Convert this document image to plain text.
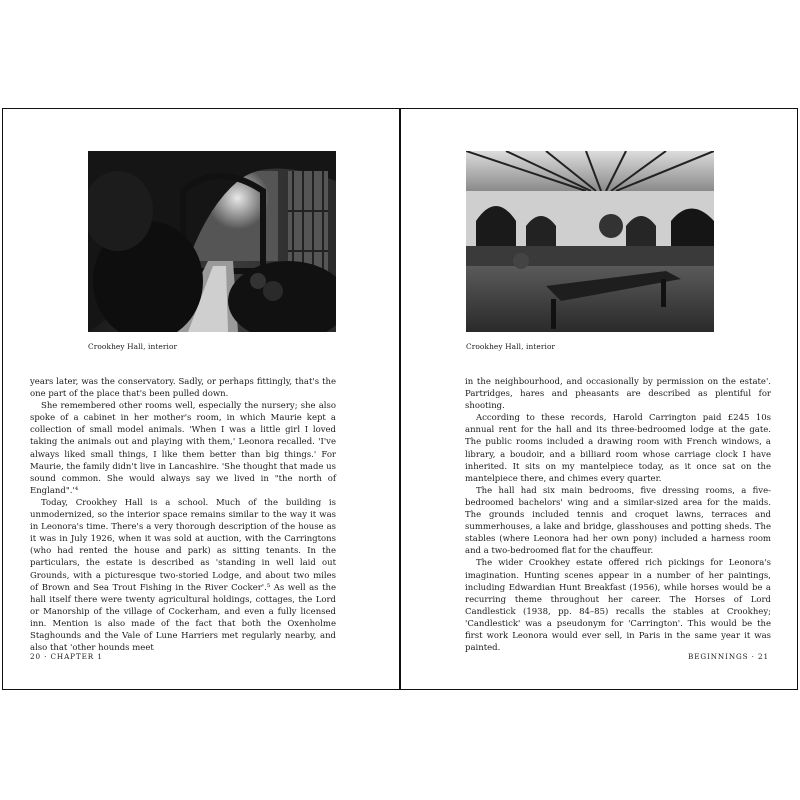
Crookhey Hall, interior

years later, was the conservatory. Sadly, or perhaps fittingly, that's the one part of the place that's been pulled down.

She remembered other rooms well, especially the nursery; she also spoke of a cabinet in her mother's room, in which Maurie kept a collection of small model animals. 'When I was a little girl I loved taking the animals out and playing with them,' Leonora recalled. 'I've always liked small things, I like them better than big things.' For Maurie, the family didn't live in Lancashire. 'She thought that made us sound common. She would always say we lived in "the north of England".'⁴

Today, Crookhey Hall is a school. Much of the building is unmodernized, so the interior space remains similar to the way it was in Leonora's time. There's a very thorough description of the house as it was in July 1926, when it was sold at auction, with the Carringtons (who had rented the house and park) as sitting tenants. In the particulars, the estate is described as 'standing in well laid out Grounds, with a picturesque two-storied Lodge, and about two miles of Brown and Sea Trout Fishing in the River Cocker'.⁵ As well as the hall itself there were twenty agricultural holdings, cottages, the Lord or Manorship of the village of Cockerham, and even a fully licensed inn. Mention is also made of the fact that both the Oxenholme Staghounds and the Vale of Lune Harriers met regularly nearby, and also that 'other hounds meet

20 · CHAPTER 1
Crookhey Hall, interior

in the neighbourhood, and occasionally by permission on the estate'. Partridges, hares and pheasants are described as plentiful for shooting.

According to these records, Harold Carrington paid £245 10s annual rent for the hall and its three-bedroomed lodge at the gate. The public rooms included a drawing room with French windows, a library, a boudoir, and a billiard room whose carriage clock I have inherited. It sits on my mantelpiece today, as it once sat on the mantelpiece there, and chimes every quarter.

The hall had six main bedrooms, five dressing rooms, a five-bedroomed bachelors' wing and a similar-sized area for the maids. The grounds included tennis and croquet lawns, terraces and summerhouses, a lake and bridge, glasshouses and potting sheds. The stables (where Leonora had her own pony) included a harness room and a two-bedroomed flat for the chauffeur.

The wider Crookhey estate offered rich pickings for Leonora's imagination. Hunting scenes appear in a number of her paintings, including Edwardian Hunt Breakfast (1956), while horses would be a recurring theme throughout her career. The Horses of Lord Candlestick (1938, pp. 84–85) recalls the stables at Crookhey; 'Candlestick' was a pseudonym for 'Carrington'. This would be the first work Leonora would ever sell, in Paris in the same year it was painted.

BEGINNINGS · 21
